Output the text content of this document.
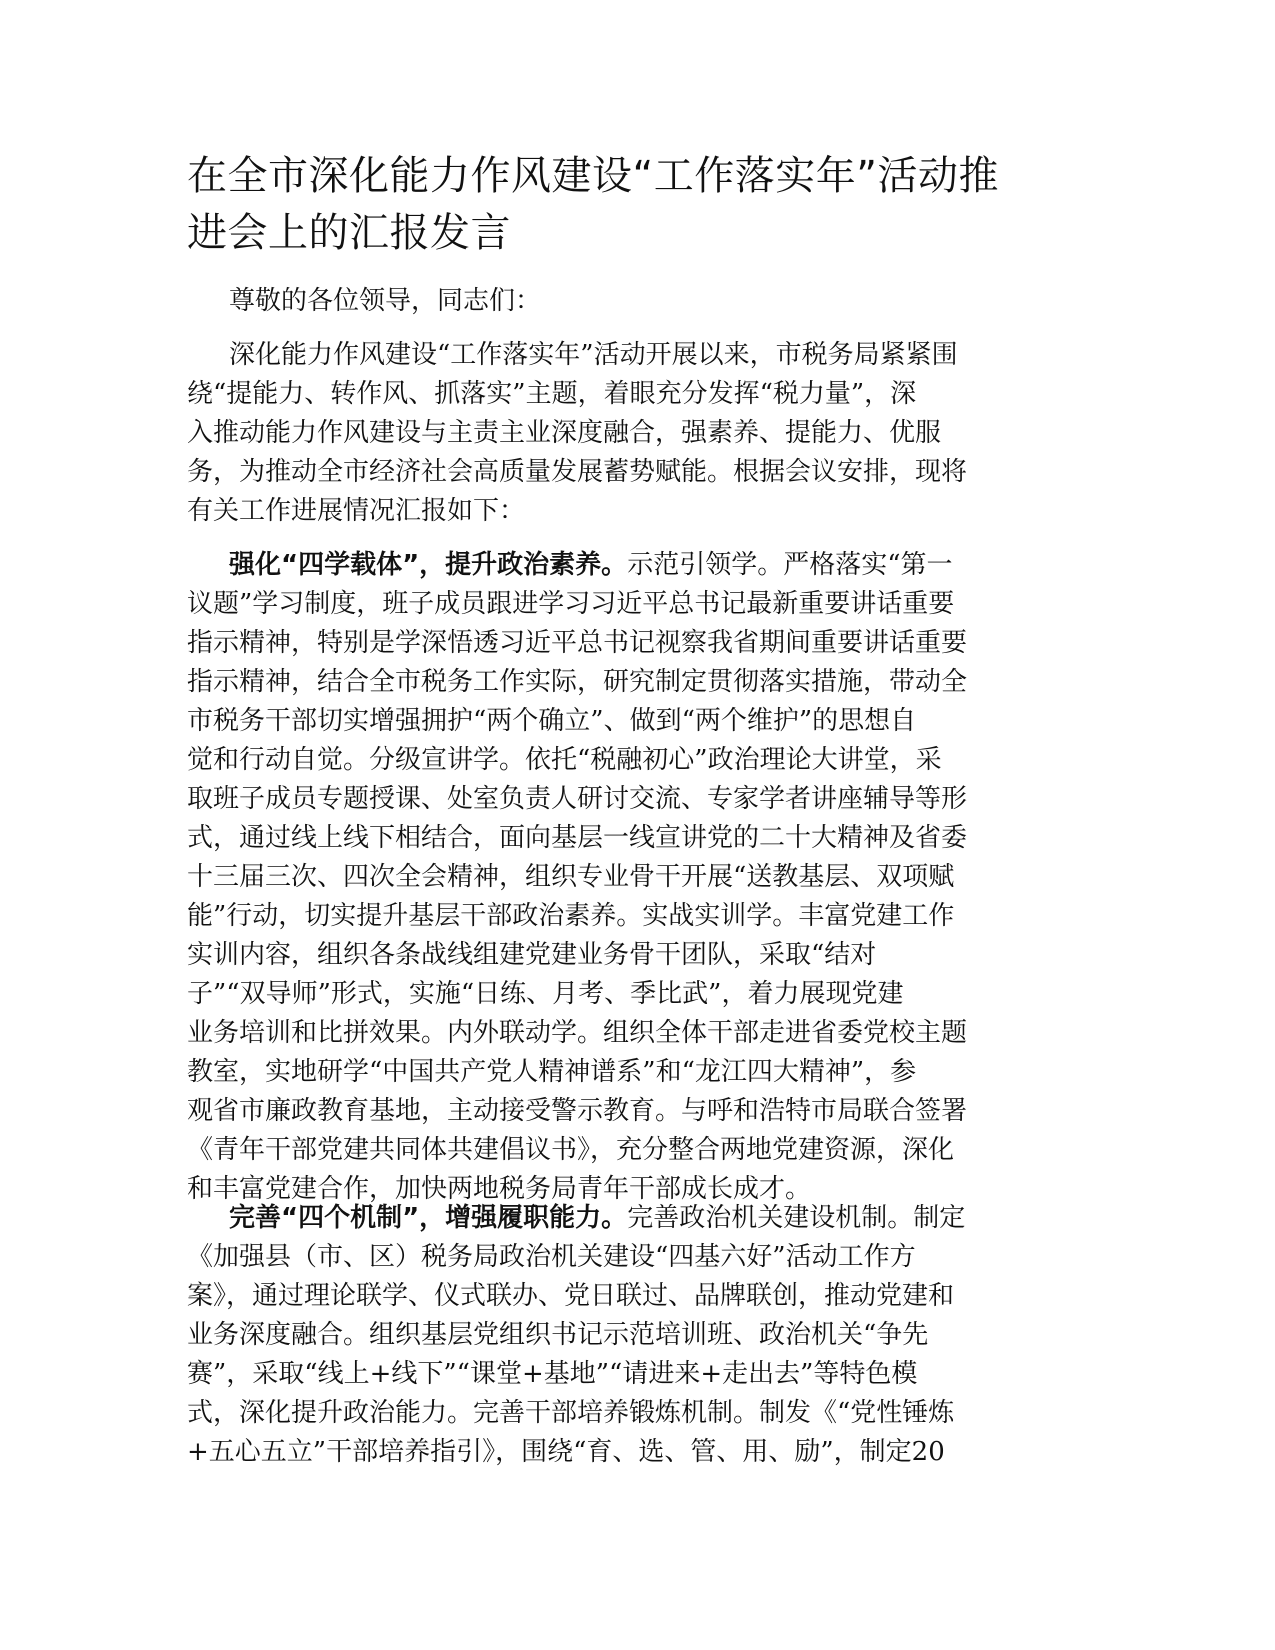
在全市深化能力作风建设“工作落实年”活动推
进会上的汇报发言
尊敬的各位领导，同志们：
深化能力作风建设“工作落实年”活动开展以来，市税务局紧紧围
绕“提能力、转作风、抓落实”主题，着眼充分发挥“税力量”，深
入推动能力作风建设与主责主业深度融合，强素养、提能力、优服
务，为推动全市经济社会高质量发展蓄势赋能。根据会议安排，现将
有关工作进展情况汇报如下：
强化“四学载体”，提升政治素养。示范引领学。严格落实“第一
议题”学习制度，班子成员跟进学习习近平总书记最新重要讲话重要
指示精神，特别是学深悟透习近平总书记视察我省期间重要讲话重要
指示精神，结合全市税务工作实际，研究制定贯彻落实措施，带动全
市税务干部切实增强拥护“两个确立”、做到“两个维护”的思想自
觉和行动自觉。分级宣讲学。依托“税融初心”政治理论大讲堂，采
取班子成员专题授课、处室负责人研讨交流、专家学者讲座辅导等形
式，通过线上线下相结合，面向基层一线宣讲党的二十大精神及省委
十三届三次、四次全会精神，组织专业骨干开展“送教基层、双项赋
能”行动，切实提升基层干部政治素养。实战实训学。丰富党建工作
实训内容，组织各条战线组建党建业务骨干团队，采取“结对
子”“双导师”形式，实施“日练、月考、季比武”，着力展现党建
业务培训和比拼效果。内外联动学。组织全体干部走进省委党校主题
教室，实地研学“中国共产党人精神谱系”和“龙江四大精神”，参
观省市廉政教育基地，主动接受警示教育。与呼和浩特市局联合签署
《青年干部党建共同体共建倡议书》，充分整合两地党建资源，深化
和丰富党建合作，加快两地税务局青年干部成长成才。
完善“四个机制”，增强履职能力。完善政治机关建设机制。制定
《加强县（市、区）税务局政治机关建设“四基六好”活动工作方
案》，通过理论联学、仪式联办、党日联过、品牌联创，推动党建和
业务深度融合。组织基层党组织书记示范培训班、政治机关“争先
赛”，采取“线上+线下”“课堂+基地”“请进来+走出去”等特色模
式，深化提升政治能力。完善干部培养锻炼机制。制发《“党性锤炼
+五心五立”干部培养指引》，围绕“育、选、管、用、励”，制定20
